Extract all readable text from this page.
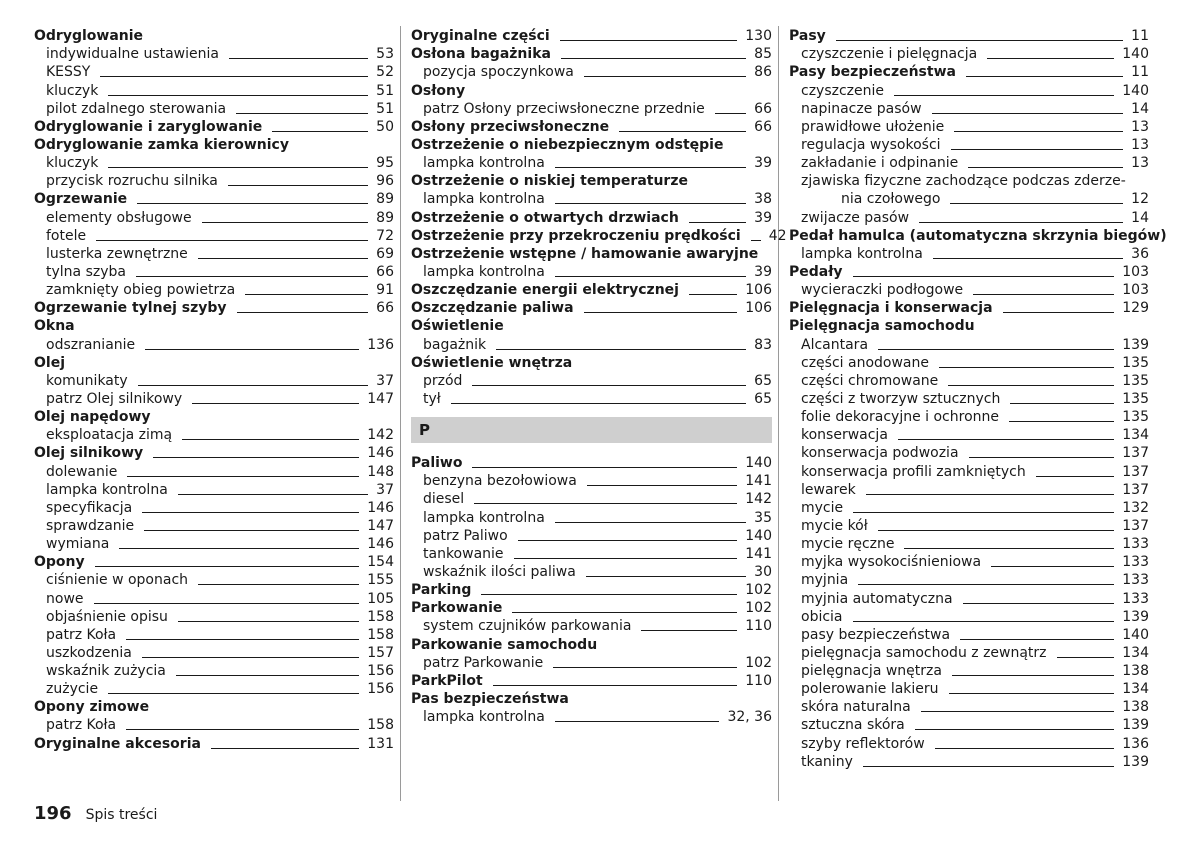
Odryglowanie
indywidualne ustawienia	53
KESSY	52
kluczyk	51
pilot zdalnego sterowania	51
Odryglowanie i zaryglowanie	50
Odryglowanie zamka kierownicy
kluczyk	95
przycisk rozruchu silnika	96
Ogrzewanie	89
elementy obsługowe	89
fotele	72
lusterka zewnętrzne	69
tylna szyba	66
zamknięty obieg powietrza	91
Ogrzewanie tylnej szyby	66
Okna
odszranianie	136
Olej
komunikaty	37
patrz Olej silnikowy	147
Olej napędowy
eksploatacja zimą	142
Olej silnikowy	146
dolewanie	148
lampka kontrolna	37
specyfikacja	146
sprawdzanie	147
wymiana	146
Opony	154
ciśnienie w oponach	155
nowe	105
objaśnienie opisu	158
patrz Koła	158
uszkodzenia	157
wskaźnik zużycia	156
zużycie	156
Opony zimowe
patrz Koła	158
Oryginalne akcesoria	131
Oryginalne części	130
Osłona bagażnika	85
pozycja spoczynkowa	86
Osłony
patrz Osłony przeciwsłoneczne przednie	66
Osłony przeciwsłoneczne	66
Ostrzeżenie o niebezpiecznym odstępie
lampka kontrolna	39
Ostrzeżenie o niskiej temperaturze
lampka kontrolna	38
Ostrzeżenie o otwartych drzwiach	39
Ostrzeżenie przy przekroczeniu prędkości 42
Ostrzeżenie wstępne / hamowanie awaryjne
lampka kontrolna	39
Oszczędzanie energii elektrycznej	106
Oszczędzanie paliwa	106
Oświetlenie
bagażnik	83
Oświetlenie wnętrza
przód	65
tył	65
P
Paliwo	140
benzyna bezołowiowa	141
diesel	142
lampka kontrolna	35
patrz Paliwo	140
tankowanie	141
wskaźnik ilości paliwa	30
Parking	102
Parkowanie	102
system czujników parkowania	110
Parkowanie samochodu
patrz Parkowanie	102
ParkPilot	110
Pas bezpieczeństwa
lampka kontrolna	32, 36
Pasy	11
czyszczenie i pielęgnacja	140
Pasy bezpieczeństwa	11
czyszczenie	140
napinacze pasów	14
prawidłowe ułożenie	13
regulacja wysokości	13
zakładanie i odpinanie	13
zjawiska fizyczne zachodzące podczas zderze-
nia czołowego	12
zwijacze pasów	14
Pedał hamulca (automatyczna skrzynia biegów)
lampka kontrolna	36
Pedały	103
wycieraczki podłogowe	103
Pielęgnacja i konserwacja	129
Pielęgnacja samochodu
Alcantara	139
części anodowane	135
części chromowane	135
części z tworzyw sztucznych	135
folie dekoracyjne i ochronne	135
konserwacja	134
konserwacja podwozia	137
konserwacja profili zamkniętych	137
lewarek	137
mycie	132
mycie kół	137
mycie ręczne	133
myjka wysokociśnieniowa	133
myjnia	133
myjnia automatyczna	133
obicia	139
pasy bezpieczeństwa	140
pielęgnacja samochodu z zewnątrz	134
pielęgnacja wnętrza	138
polerowanie lakieru	134
skóra naturalna	138
sztuczna skóra	139
szyby reflektorów	136
tkaniny	139
196 Spis treści
